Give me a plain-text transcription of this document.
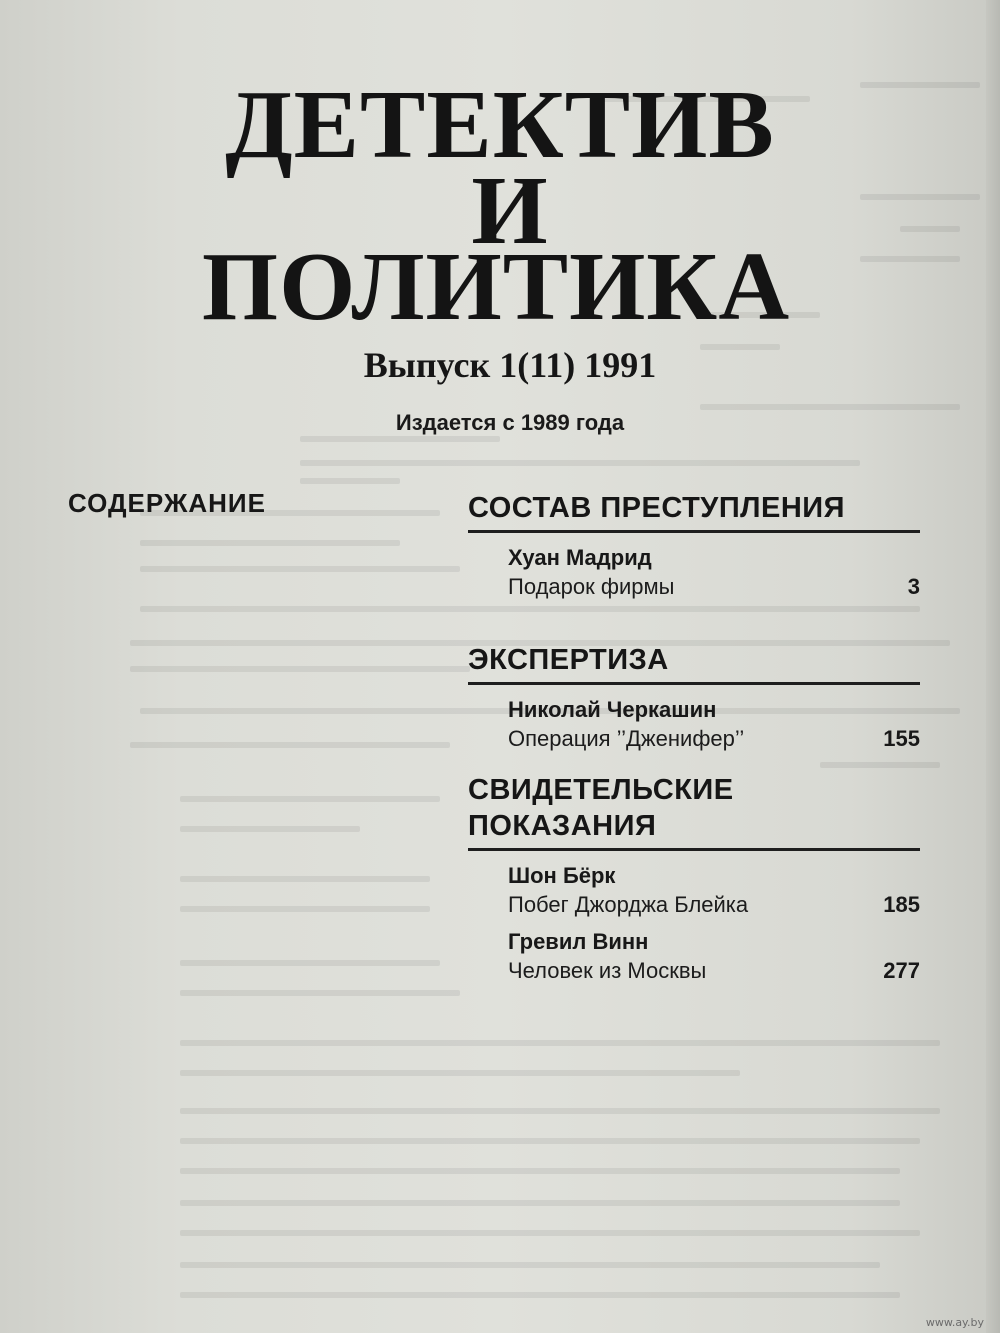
ДЕТЕКТИВ
И
ПОЛИТИКА
Выпуск 1(11) 1991
Издается с 1989 года
СОДЕРЖАНИЕ	СОСТАВ ПРЕСТУПЛЕНИЯ
Хуан Мадрид
Подарок фирмы	3
ЭКСПЕРТИЗА
Николай Черкашин
Операция ’’Дженифер’’	155
СВИДЕТЕЛЬСКИЕ
ПОКАЗАНИЯ
Шон Бёрк
Побег Джорджа Блейка	185
Гревил Винн
Человек из Москвы	277
www.ay.by
